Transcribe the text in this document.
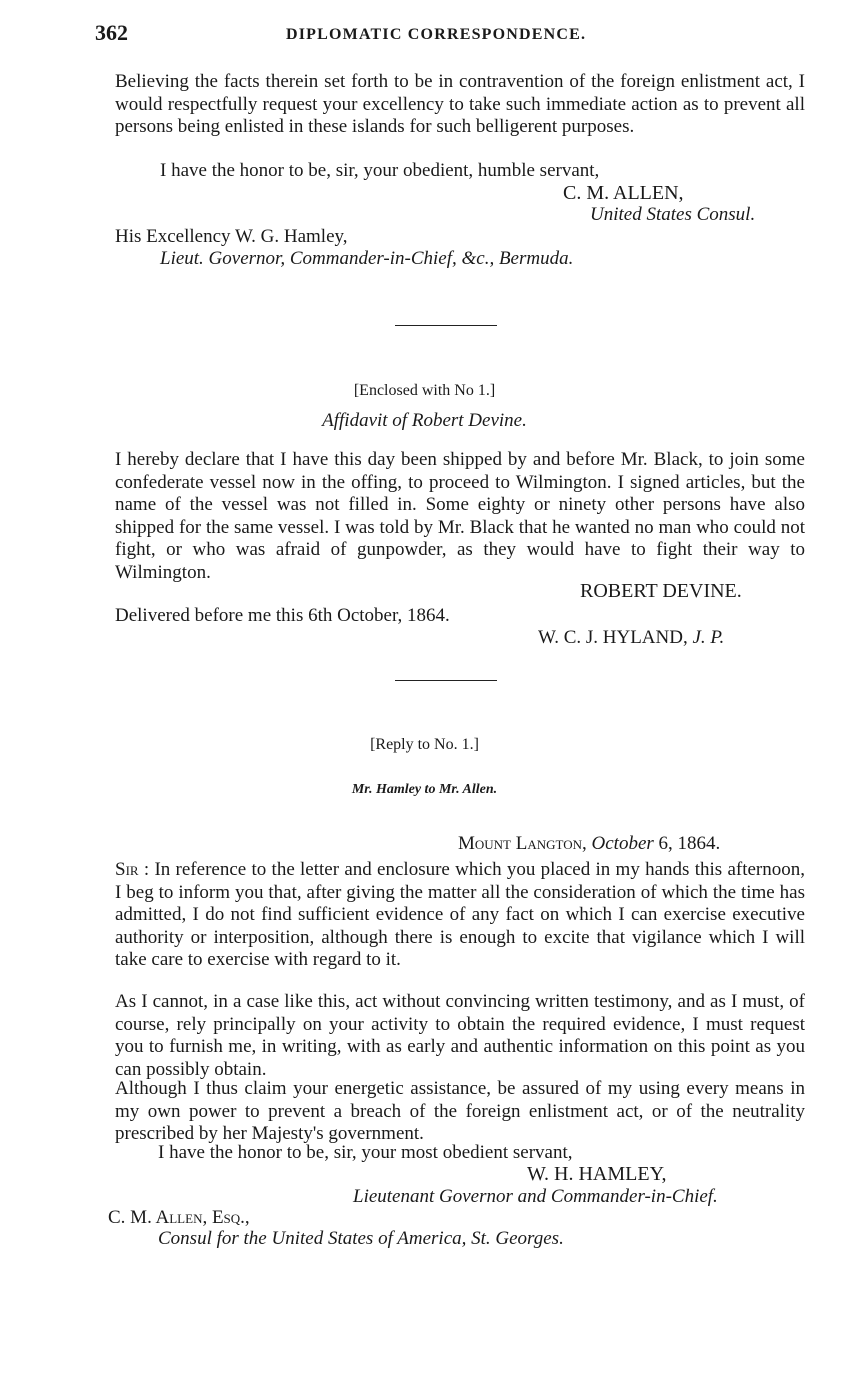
362	DIPLOMATIC CORRESPONDENCE.
Believing the facts therein set forth to be in contravention of the foreign enlistment act, I would respectfully request your excellency to take such immediate action as to prevent all persons being enlisted in these islands for such belligerent purposes.
I have the honor to be, sir, your obedient, humble servant,
C. M. ALLEN,
United States Consul.
His Excellency W. G. Hamley,
Lieut. Governor, Commander-in-Chief, &c., Bermuda.
[Enclosed with No 1.]
Affidavit of Robert Devine.
I hereby declare that I have this day been shipped by and before Mr. Black, to join some confederate vessel now in the offing, to proceed to Wilmington. I signed articles, but the name of the vessel was not filled in. Some eighty or ninety other persons have also shipped for the same vessel. I was told by Mr. Black that he wanted no man who could not fight, or who was afraid of gunpowder, as they would have to fight their way to Wilmington.
ROBERT DEVINE.
Delivered before me this 6th October, 1864.
W. C. J. HYLAND, J. P.
[Reply to No. 1.]
Mr. Hamley to Mr. Allen.
Mount Langton, October 6, 1864.
Sir : In reference to the letter and enclosure which you placed in my hands this afternoon, I beg to inform you that, after giving the matter all the consideration of which the time has admitted, I do not find sufficient evidence of any fact on which I can exercise executive authority or interposition, although there is enough to excite that vigilance which I will take care to exercise with regard to it.
As I cannot, in a case like this, act without convincing written testimony, and as I must, of course, rely principally on your activity to obtain the required evidence, I must request you to furnish me, in writing, with as early and authentic information on this point as you can possibly obtain.
Although I thus claim your energetic assistance, be assured of my using every means in my own power to prevent a breach of the foreign enlistment act, or of the neutrality prescribed by her Majesty's government.
I have the honor to be, sir, your most obedient servant,
W. H. HAMLEY,
Lieutenant Governor and Commander-in-Chief.
C. M. Allen, Esq.,
Consul for the United States of America, St. Georges.
